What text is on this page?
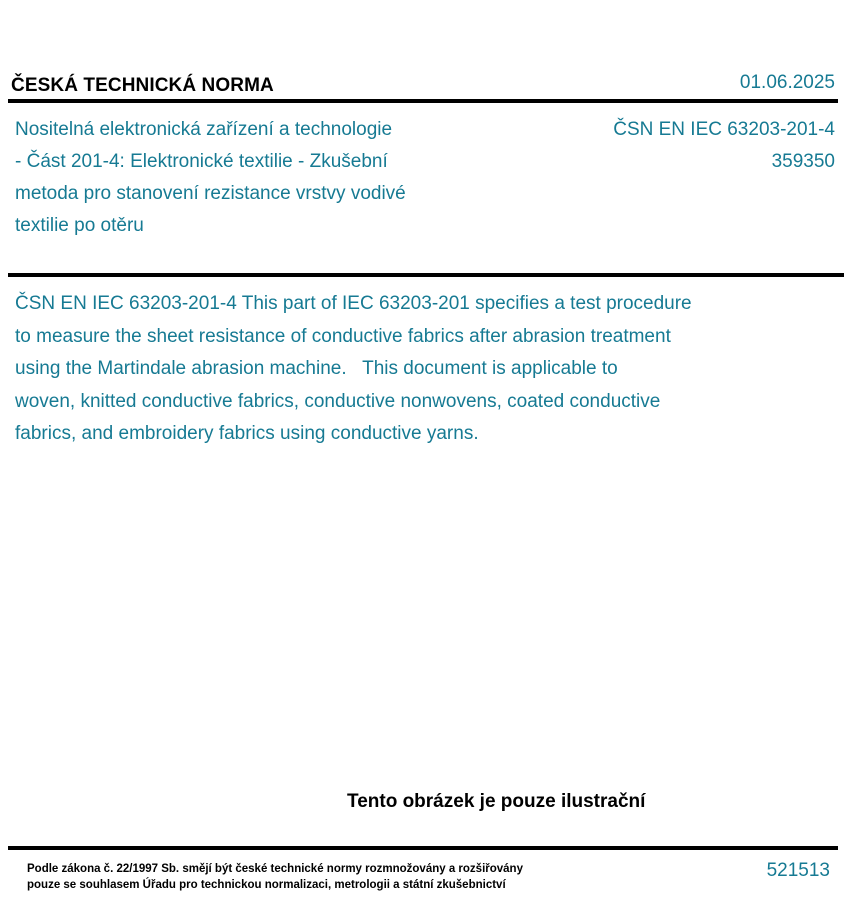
ČESKÁ TECHNICKÁ NORMA	01.06.2025
Nositelná elektronická zařízení a technologie
- Část 201-4: Elektronické textilie - Zkušební
metoda pro stanovení rezistance vrstvy vodivé
textilie po otěru
ČSN EN IEC 63203-201-4
359350
ČSN EN IEC 63203-201-4 This part of IEC 63203-201 specifies a test procedure
to measure the sheet resistance of conductive fabrics after abrasion treatment
using the Martindale abrasion machine.   This document is applicable to
woven, knitted conductive fabrics, conductive nonwovens, coated conductive
fabrics, and embroidery fabrics using conductive yarns.
Tento obrázek je pouze ilustrační
Podle zákona č. 22/1997 Sb. smějí být české technické normy rozmnožovány a rozšiřovány
pouze se souhlasem Úřadu pro technickou normalizaci, metrologii a státní zkušebnictví
521513
